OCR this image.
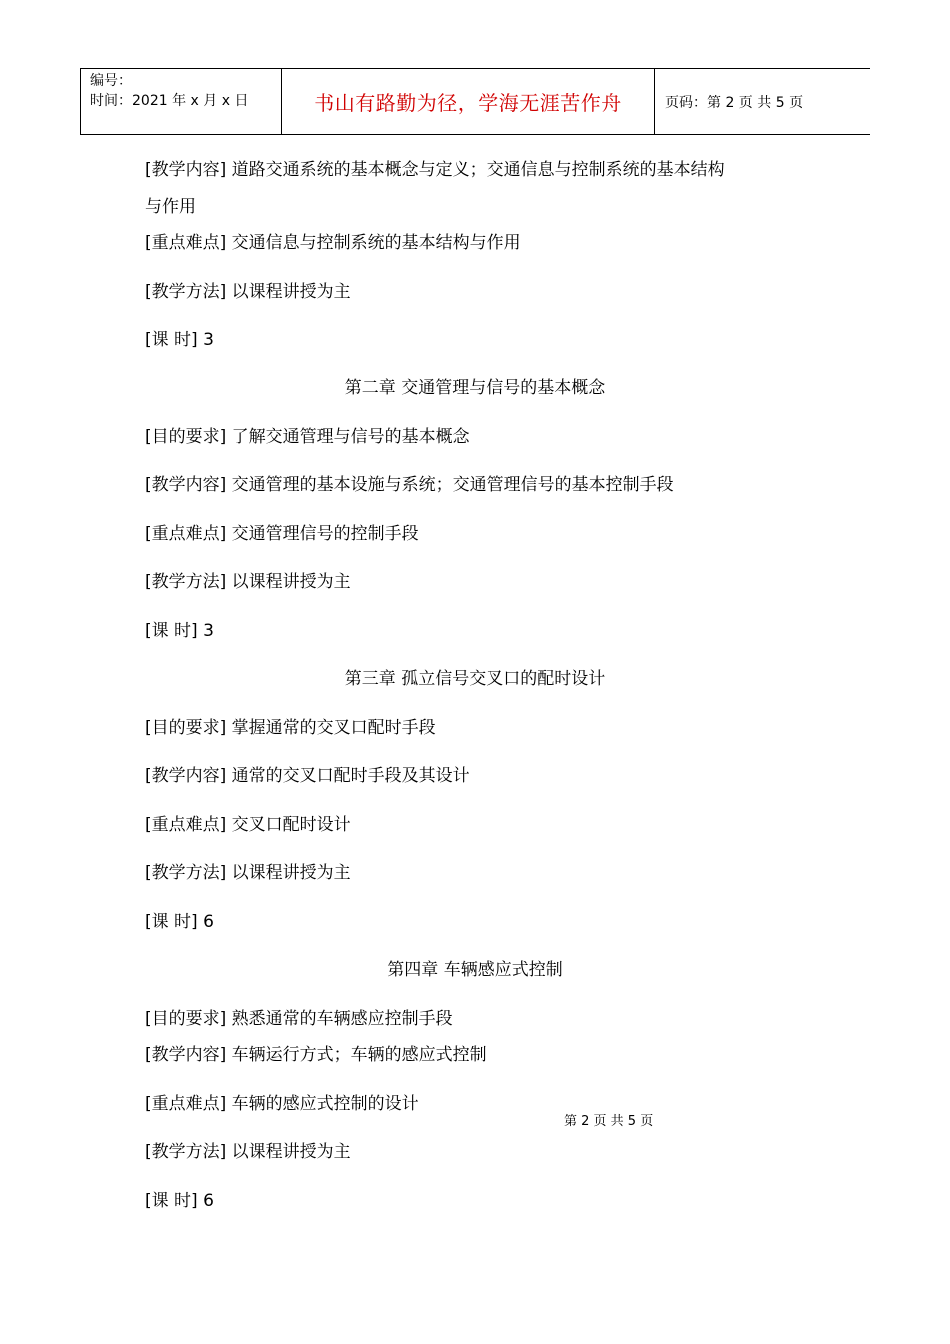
编号：
时间：2021 年 x 月 x 日	书山有路勤为径，学海无涯苦作舟	页码：第 2 页 共 5 页
[教学内容] 道路交通系统的基本概念与定义；交通信息与控制系统的基本结构
与作用
[重点难点] 交通信息与控制系统的基本结构与作用
[教学方法] 以课程讲授为主
[课 时] 3
第二章 交通管理与信号的基本概念
[目的要求] 了解交通管理与信号的基本概念
[教学内容] 交通管理的基本设施与系统；交通管理信号的基本控制手段
[重点难点] 交通管理信号的控制手段
[教学方法] 以课程讲授为主
[课 时] 3
第三章 孤立信号交叉口的配时设计
[目的要求] 掌握通常的交叉口配时手段
[教学内容] 通常的交叉口配时手段及其设计
[重点难点] 交叉口配时设计
[教学方法] 以课程讲授为主
[课 时] 6
第四章 车辆感应式控制
[目的要求] 熟悉通常的车辆感应控制手段
[教学内容] 车辆运行方式；车辆的感应式控制
[重点难点] 车辆的感应式控制的设计
[教学方法] 以课程讲授为主
[课 时] 6
第 2 页 共 5 页
